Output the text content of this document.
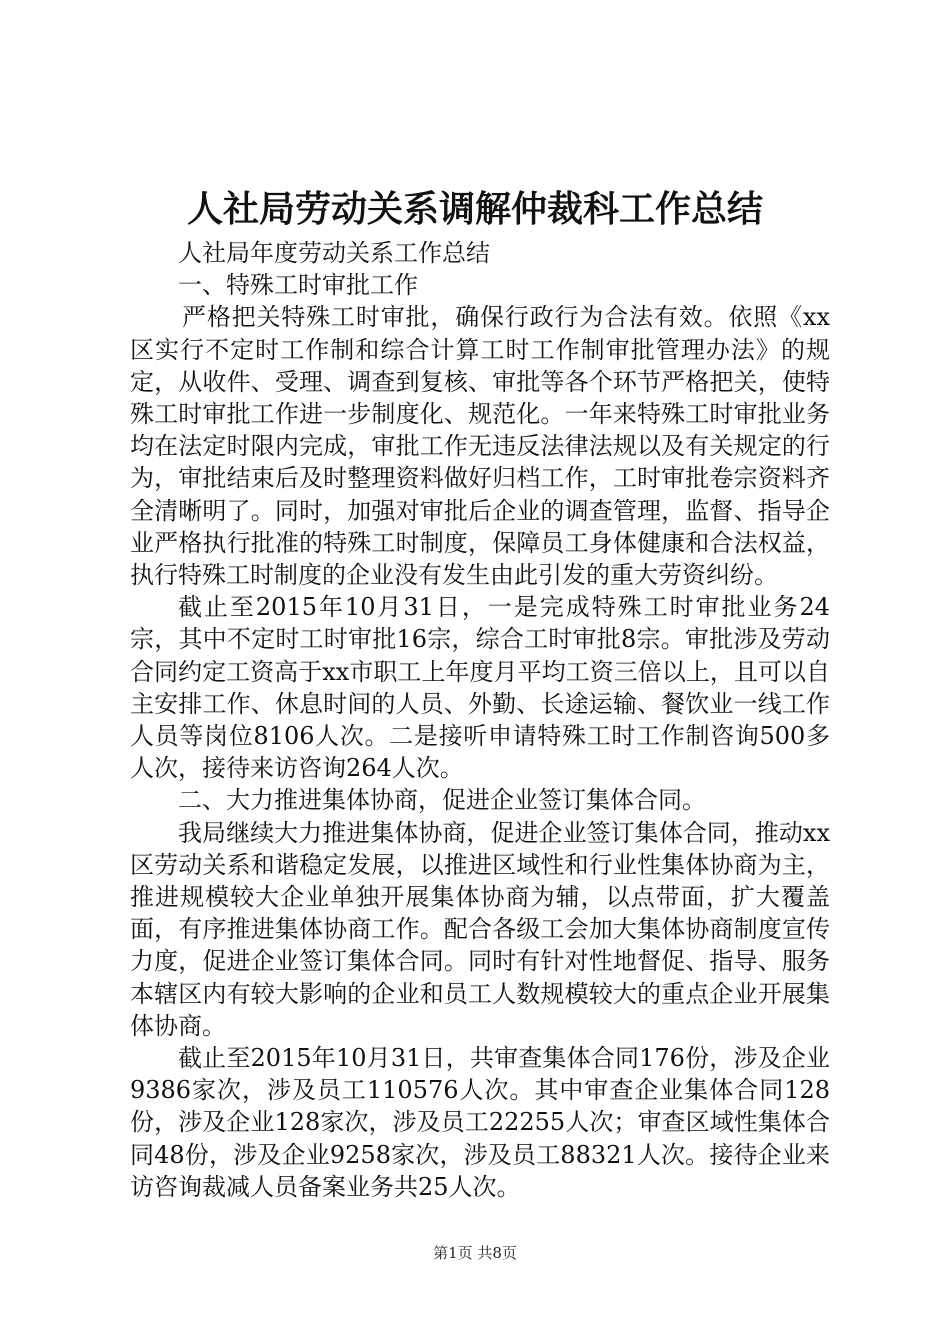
人社局劳动关系调解仲裁科工作总结

人社局年度劳动关系工作总结

一、特殊工时审批工作

严格把关特殊工时审批，确保行政行为合法有效。依照《xx区实行不定时工作制和综合计算工时工作制审批管理办法》的规定，从收件、受理、调查到复核、审批等各个环节严格把关，使特殊工时审批工作进一步制度化、规范化。一年来特殊工时审批业务均在法定时限内完成，审批工作无违反法律法规以及有关规定的行为，审批结束后及时整理资料做好归档工作，工时审批卷宗资料齐全清晰明了。同时，加强对审批后企业的调查管理，监督、指导企业严格执行批准的特殊工时制度，保障员工身体健康和合法权益，执行特殊工时制度的企业没有发生由此引发的重大劳资纠纷。

截止至2015年10月31日，一是完成特殊工时审批业务24宗，其中不定时工时审批16宗，综合工时审批8宗。审批涉及劳动合同约定工资高于xx市职工上年度月平均工资三倍以上，且可以自主安排工作、休息时间的人员、外勤、长途运输、餐饮业一线工作人员等岗位8106人次。二是接听申请特殊工时工作制咨询500多人次，接待来访咨询264人次。

二、大力推进集体协商，促进企业签订集体合同。

我局继续大力推进集体协商，促进企业签订集体合同，推动xx区劳动关系和谐稳定发展，以推进区域性和行业性集体协商为主，推进规模较大企业单独开展集体协商为辅，以点带面，扩大覆盖面，有序推进集体协商工作。配合各级工会加大集体协商制度宣传力度，促进企业签订集体合同。同时有针对性地督促、指导、服务本辖区内有较大影响的企业和员工人数规模较大的重点企业开展集体协商。

截止至2015年10月31日，共审查集体合同176份，涉及企业9386家次，涉及员工110576人次。其中审查企业集体合同128份，涉及企业128家次，涉及员工22255人次；审查区域性集体合同48份，涉及企业9258家次，涉及员工88321人次。接待企业来访咨询裁减人员备案业务共25人次。

第1页 共8页
